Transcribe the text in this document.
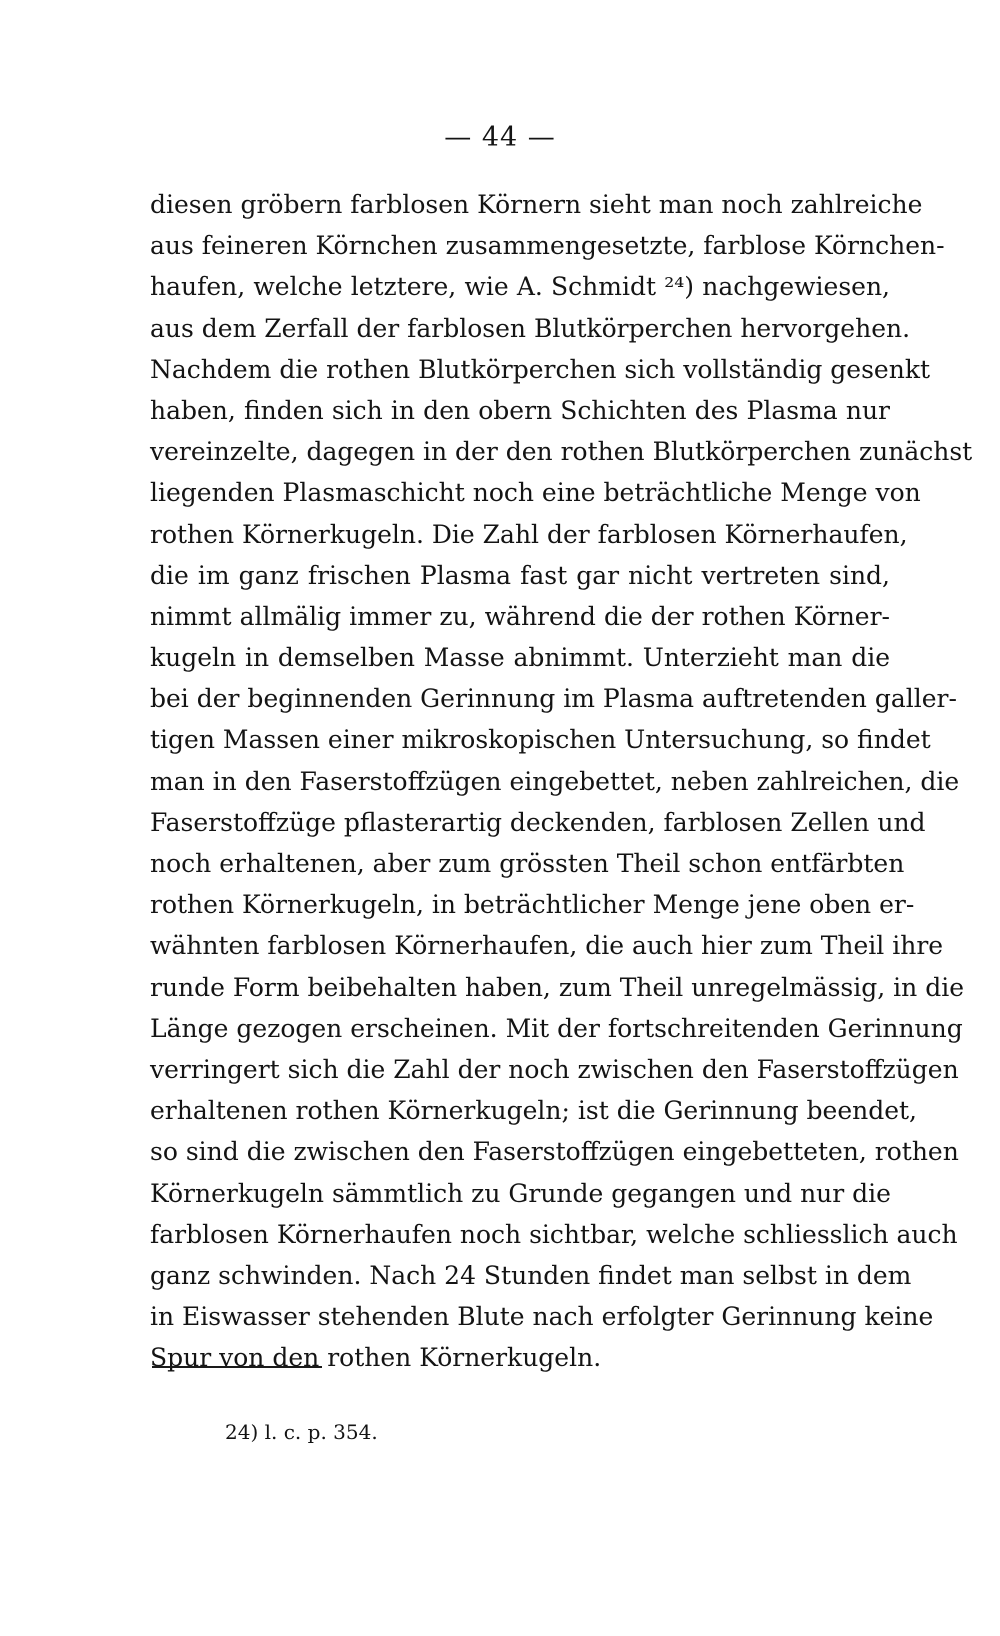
— 44 —
diesen gröbern farblosen Körnern sieht man noch zahlreiche
aus feineren Körnchen zusammengesetzte, farblose Körnchen-
haufen, welche letztere, wie A. Schmidt ²⁴) nachgewiesen,
aus dem Zerfall der farblosen Blutkörperchen hervorgehen.
Nachdem die rothen Blutkörperchen sich vollständig gesenkt
haben, finden sich in den obern Schichten des Plasma nur
vereinzelte, dagegen in der den rothen Blutkörperchen zunächst
liegenden Plasmaschicht noch eine beträchtliche Menge von
rothen Körnerkugeln. Die Zahl der farblosen Körnerhaufen,
die im ganz frischen Plasma fast gar nicht vertreten sind,
nimmt allmälig immer zu, während die der rothen Körner-
kugeln in demselben Masse abnimmt. Unterzieht man die
bei der beginnenden Gerinnung im Plasma auftretenden galler-
tigen Massen einer mikroskopischen Untersuchung, so findet
man in den Faserstoffzügen eingebettet, neben zahlreichen, die
Faserstoffzüge pflasterartig deckenden, farblosen Zellen und
noch erhaltenen, aber zum grössten Theil schon entfärbten
rothen Körnerkugeln, in beträchtlicher Menge jene oben er-
wähnten farblosen Körnerhaufen, die auch hier zum Theil ihre
runde Form beibehalten haben, zum Theil unregelmässig, in die
Länge gezogen erscheinen. Mit der fortschreitenden Gerinnung
verringert sich die Zahl der noch zwischen den Faserstoffzügen
erhaltenen rothen Körnerkugeln; ist die Gerinnung beendet,
so sind die zwischen den Faserstoffzügen eingebetteten, rothen
Körnerkugeln sämmtlich zu Grunde gegangen und nur die
farblosen Körnerhaufen noch sichtbar, welche schliesslich auch
ganz schwinden. Nach 24 Stunden findet man selbst in dem
in Eiswasser stehenden Blute nach erfolgter Gerinnung keine
Spur von den rothen Körnerkugeln.
24) l. c. p. 354.
